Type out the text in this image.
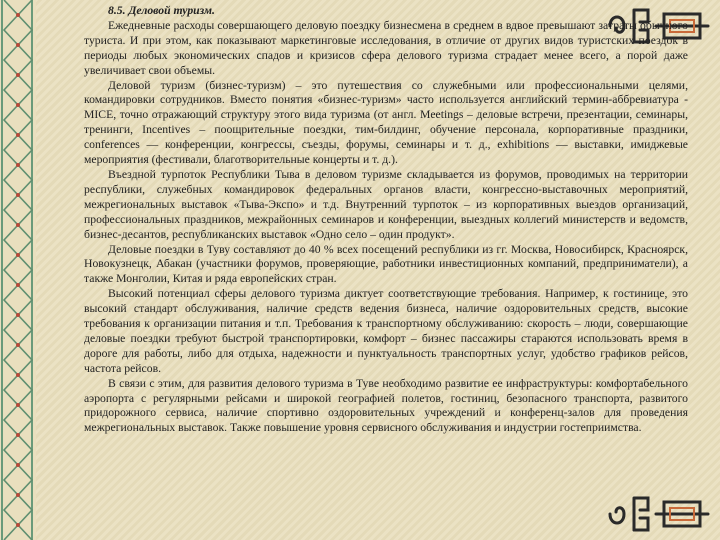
8.5. Деловой туризм.

Ежедневные расходы совершающего деловую поездку бизнесмена в среднем в вдвое превышают затраты обычного туриста. И при этом, как показывают маркетинговые исследования, в отличие от других видов туристских поездок в периоды любых экономических спадов и кризисов сфера делового туризма страдает менее всего, а порой даже увеличивает свои объемы.

Деловой туризм (бизнес-туризм) – это путешествия со служебными или профессиональными целями, командировки сотрудников. Вместо понятия «бизнес-туризм» часто используется английский термин-аббревиатура - MICE, точно отражающий структуру этого вида туризма (от англ. Meetings – деловые встречи, презентации, семинары, тренинги, Incentives – поощрительные поездки, тим-билдинг, обучение персонала, корпоративные праздники, conferences — конференции, конгрессы, съезды, форумы, семинары и т. д., exhibitions — выставки, имиджевые мероприятия (фестивали, благотворительные концерты и т. д.).

Въездной турпоток Республики Тыва в деловом туризме складывается из форумов, проводимых на территории республики, служебных командировок федеральных органов власти, конгрессно-выставочных мероприятий, межрегиональных выставок «Тыва-Экспо» и т.д. Внутренний турпоток – из корпоративных выездов организаций, профессиональных праздников, межрайонных семинаров и конференции, выездных коллегий министерств и ведомств, бизнес-десантов, республиканских выставок «Одно село – один продукт».

Деловые поездки в Туву составляют до 40 % всех посещений республики из гг. Москва, Новосибирск, Красноярск, Новокузнецк, Абакан (участники форумов, проверяющие, работники инвестиционных компаний, предприниматели), а также Монголии, Китая и ряда европейских стран.

Высокий потенциал сферы делового туризма диктует соответствующие требования. Например, к гостинице, это высокий стандарт обслуживания, наличие средств ведения бизнеса, наличие оздоровительных средств, высокие требования к организации питания и т.п. Требования к транспортному обслуживанию: скорость – люди, совершающие деловые поездки требуют быстрой транспортировки, комфорт – бизнес пассажиры стараются использовать время в дороге для работы, либо для отдыха, надежности и пунктуальность транспортных услуг, удобство графиков рейсов, частота рейсов.

В связи с этим, для развития делового туризма в Туве необходимо развитие ее инфраструктуры: комфортабельного аэропорта с регулярными рейсами и широкой географией полетов, гостиниц, безопасного транспорта, развитого придорожного сервиса, наличие спортивно оздоровительных учреждений и конференц-залов для проведения межрегиональных выставок. Также повышение уровня сервисного обслуживания и индустрии гостеприимства.
